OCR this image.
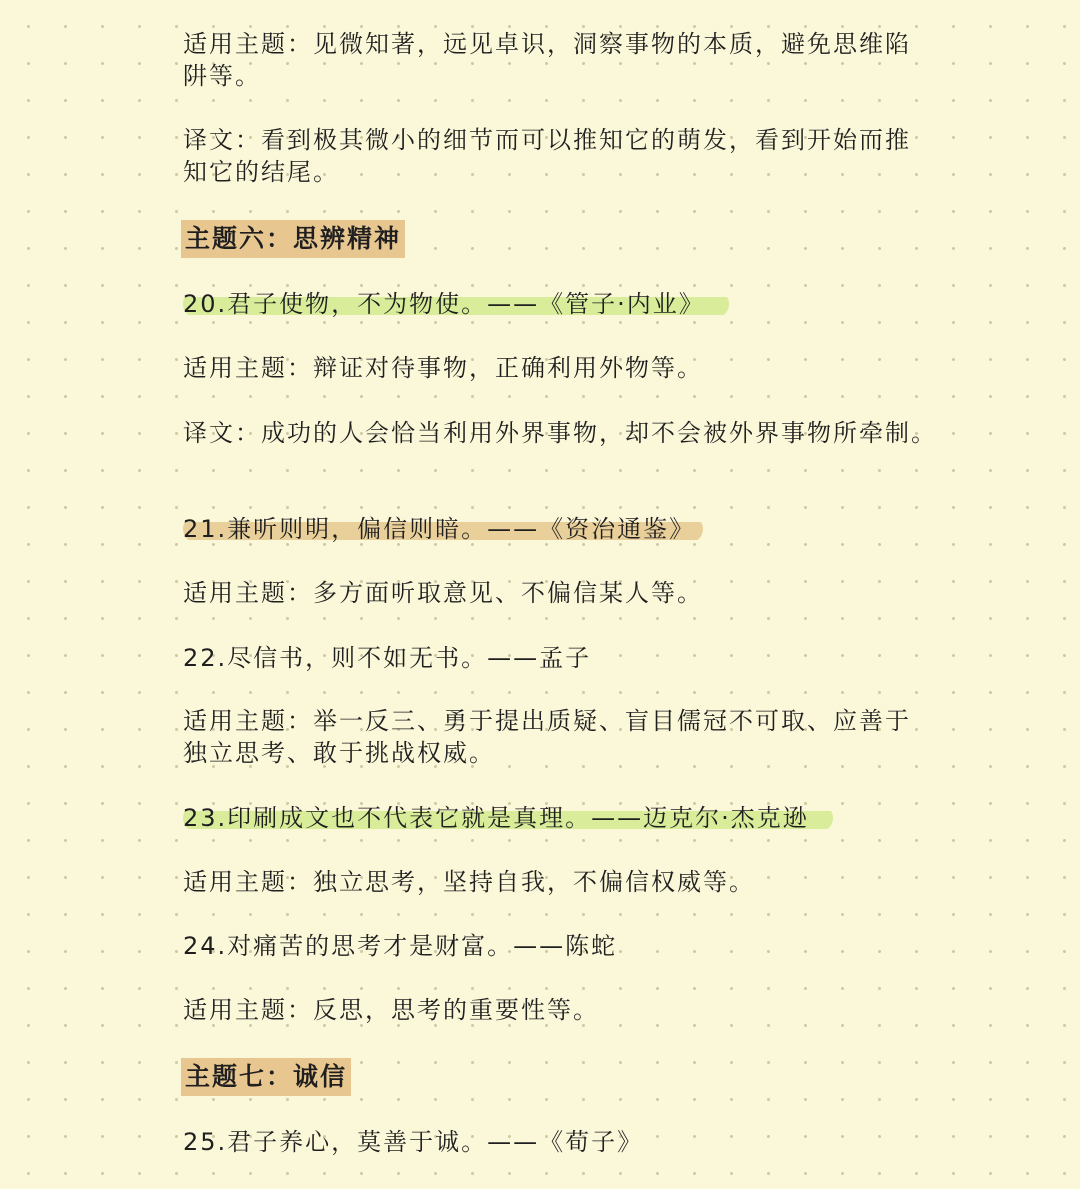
适用主题：见微知著，远见卓识，洞察事物的本质，避免思维陷阱等。
译文：看到极其微小的细节而可以推知它的萌发，看到开始而推知它的结尾。
主题六：思辨精神
20.君子使物，不为物使。——《管子·内业》
适用主题：辩证对待事物，正确利用外物等。
译文：成功的人会恰当利用外界事物，却不会被外界事物所牵制。
21.兼听则明，偏信则暗。——《资治通鉴》
适用主题：多方面听取意见、不偏信某人等。
22.尽信书，则不如无书。——孟子
适用主题：举一反三、勇于提出质疑、盲目儒冠不可取、应善于独立思考、敢于挑战权威。
23.印刷成文也不代表它就是真理。——迈克尔·杰克逊
适用主题：独立思考，坚持自我，不偏信权威等。
24.对痛苦的思考才是财富。——陈蛇
适用主题：反思，思考的重要性等。
主题七：诚信
25.君子养心，莫善于诚。——《荀子》
